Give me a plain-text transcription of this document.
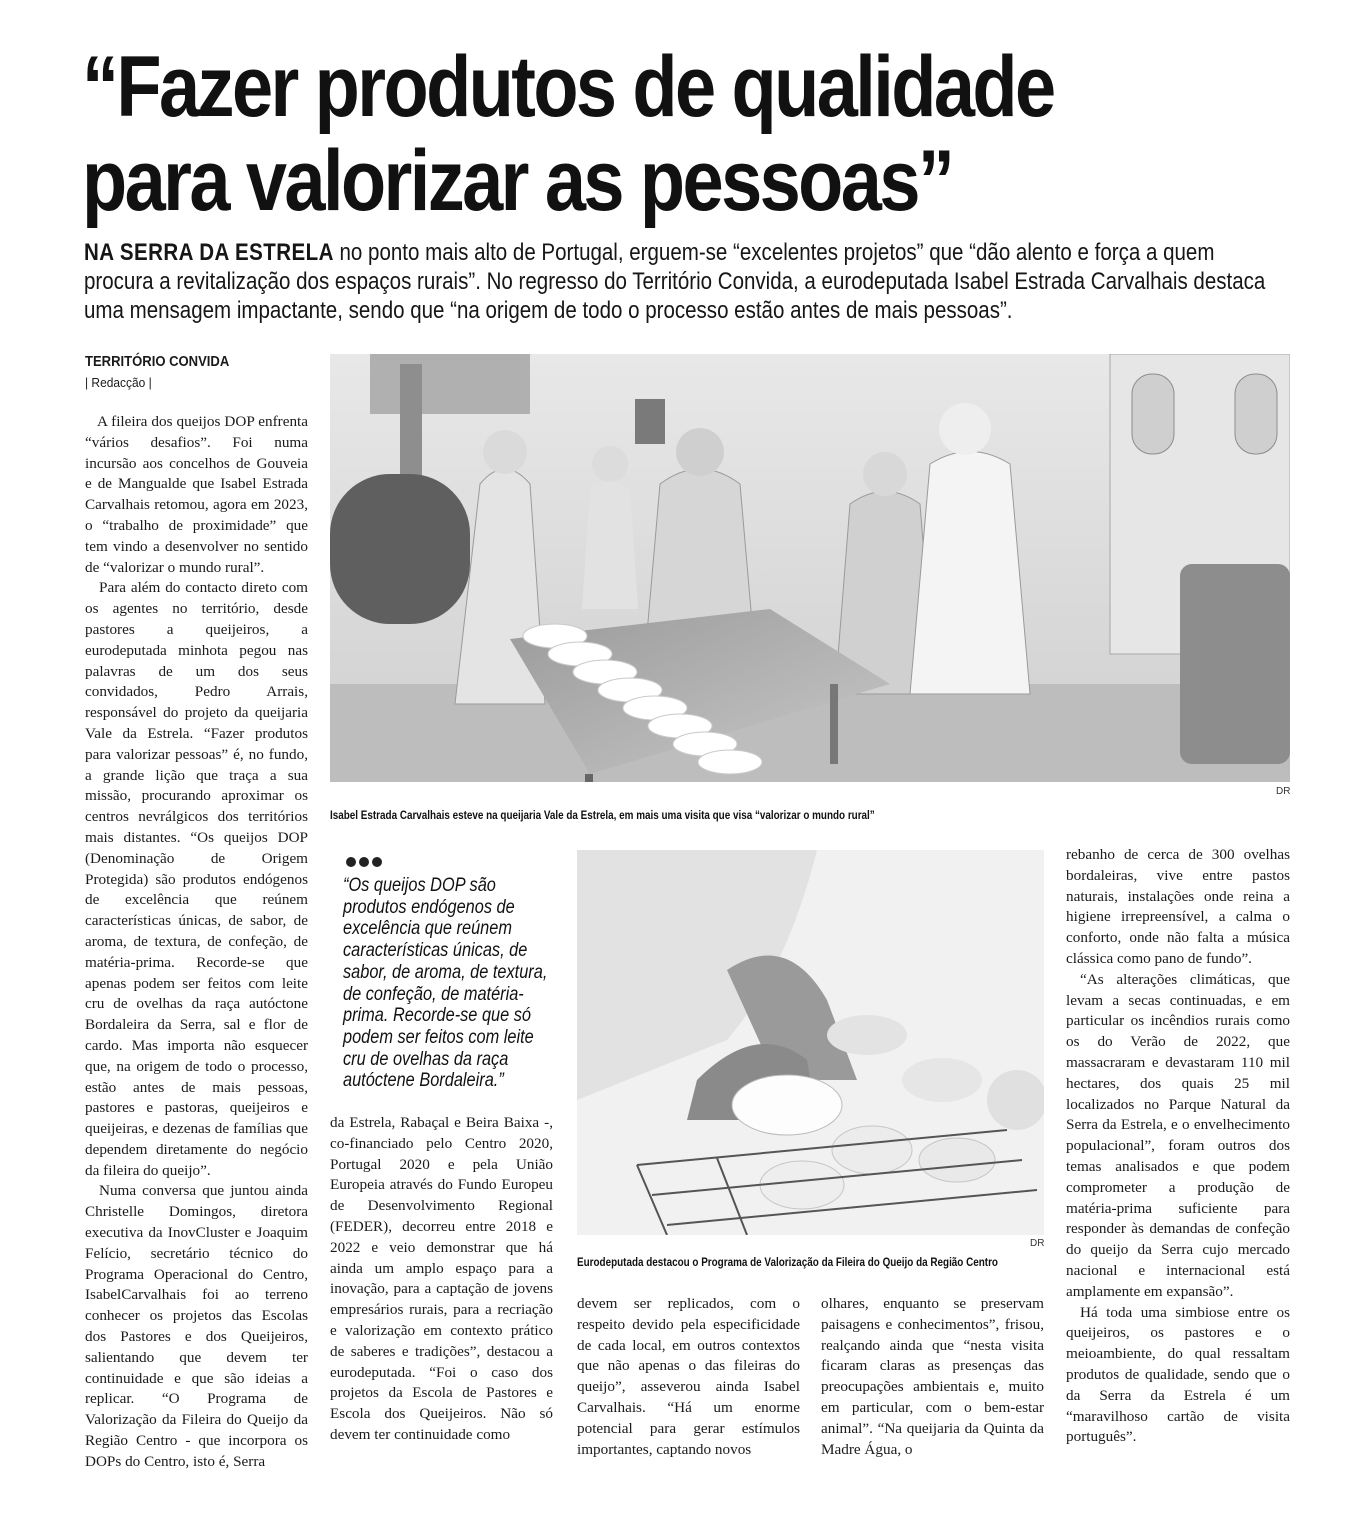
“Fazer produtos de qualidade
para valorizar as pessoas”

NA SERRA DA ESTRELA no ponto mais alto de Portugal, erguem-se “excelentes projetos” que “dão alento e força a quem procura a revitalização dos espaços rurais”. No regresso do Território Convida, a eurodeputada Isabel Estrada Carvalhais destaca uma mensagem impactante, sendo que “na origem de todo o processo estão antes de mais pessoas”.

TERRITÓRIO CONVIDA
| Redacção |

A fileira dos queijos DOP enfrenta “vários desafios”. Foi numa incursão aos concelhos de Gouveia e de Mangualde que Isabel Estrada Carvalhais retomou, agora em 2023, o “trabalho de proximidade” que tem vindo a desenvolver no sentido de “valorizar o mundo rural”.

Para além do contacto direto com os agentes no território, desde pastores a queijeiros, a eurodeputada minhota pegou nas palavras de um dos seus convidados, Pedro Arrais, responsável do projeto da queijaria Vale da Estrela. “Fazer produtos para valorizar pessoas” é, no fundo, a grande lição que traça a sua missão, procurando aproximar os centros nevrálgicos dos territórios mais distantes. “Os queijos DOP (Denominação de Origem Protegida) são produtos endógenos de excelência que reúnem características únicas, de sabor, de aroma, de textura, de confeção, de matéria-prima. Recorde-se que apenas podem ser feitos com leite cru de ovelhas da raça autóctone Bordaleira da Serra, sal e flor de cardo. Mas importa não esquecer que, na origem de todo o processo, estão antes de mais pessoas, pastores e pastoras, queijeiros e queijeiras, e dezenas de famílias que dependem diretamente do negócio da fileira do queijo”.

Numa conversa que juntou ainda Christelle Domingos, diretora executiva da InovCluster e Joaquim Felício, secretário técnico do Programa Operacional do Centro, IsabelCarvalhais foi ao terreno conhecer os projetos das Escolas dos Pastores e dos Queijeiros, salientando que devem ter continuidade e que são ideias a replicar. “O Programa de Valorização da Fileira do Queijo da Região Centro - que incorpora os DOPs do Centro, isto é, Serra

DR
Isabel Estrada Carvalhais esteve na queijaria Vale da Estrela, em mais uma visita que visa “valorizar o mundo rural”
“Os queijos DOP são produtos endógenos de excelência que reúnem características únicas, de sabor, de aroma, de textura, de confeção, de matéria-prima. Recorde-se que só podem ser feitos com leite cru de ovelhas da raça autóctene Bordaleira.”
DR
Eurodeputada destacou o Programa de Valorização da Fileira do Queijo da Região Centro

da Estrela, Rabaçal e Beira Baixa -, co-financiado pelo Centro 2020, Portugal 2020 e pela União Europeia através do Fundo Europeu de Desenvolvimento Regional (FEDER), decorreu entre 2018 e 2022 e veio demonstrar que há ainda um amplo espaço para a inovação, para a captação de jovens empresários rurais, para a recriação e valorização em contexto prático de saberes e tradições”, destacou a eurodeputada. “Foi o caso dos projetos da Escola de Pastores e Escola dos Queijeiros. Não só devem ter continuidade como

devem ser replicados, com o respeito devido pela especificidade de cada local, em outros contextos que não apenas o das fileiras do queijo”, asseverou ainda Isabel Carvalhais. “Há um enorme potencial para gerar estímulos importantes, captando novos

olhares, enquanto se preservam paisagens e conhecimentos”, frisou, realçando ainda que “nesta visita ficaram claras as presenças das preocupações ambientais e, muito em particular, com o bem-estar animal”. “Na queijaria da Quinta da Madre Água, o

rebanho de cerca de 300 ovelhas bordaleiras, vive entre pastos naturais, instalações onde reina a higiene irrepreensível, a calma o conforto, onde não falta a música clássica como pano de fundo”.

“As alterações climáticas, que levam a secas continuadas, e em particular os incêndios rurais como os do Verão de 2022, que massacraram e devastaram 110 mil hectares, dos quais 25 mil localizados no Parque Natural da Serra da Estrela, e o envelhecimento populacional”, foram outros dos temas analisados e que podem comprometer a produção de matéria-prima suficiente para responder às demandas de confeção do queijo da Serra cujo mercado nacional e internacional está amplamente em expansão”.

Há toda uma simbiose entre os queijeiros, os pastores e o meioambiente, do qual ressaltam produtos de qualidade, sendo que o da Serra da Estrela é um “maravilhoso cartão de visita português”.
